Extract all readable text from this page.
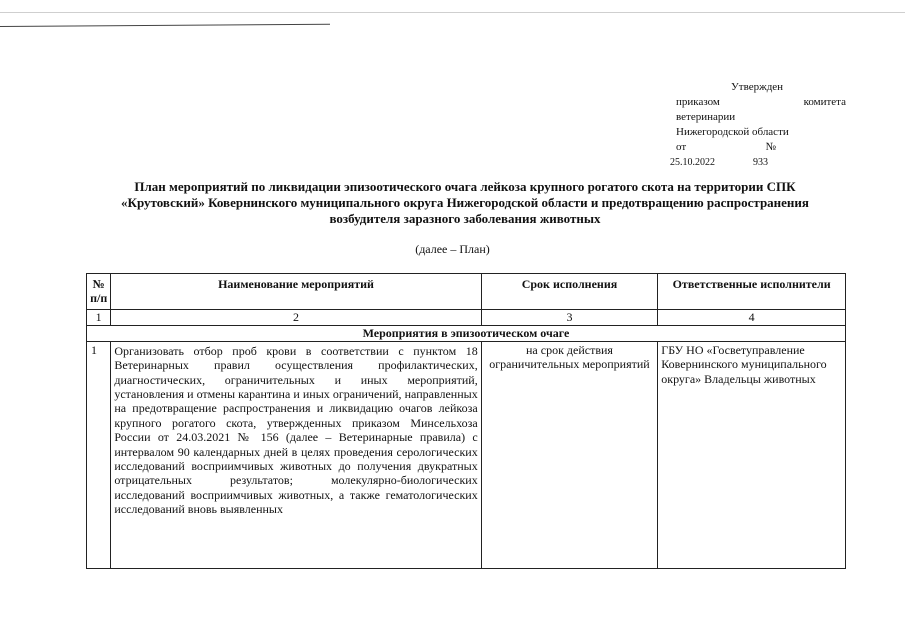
Утвержден
приказом	комитета
ветеринарии
Нижегородской области
от	№
25.10.2022	933
План мероприятий по ликвидации эпизоотического очага лейкоза крупного рогатого скота на территории СПК «Крутовский» Ковернинского муниципального округа Нижегородской области и предотвращению распространения возбудителя заразного заболевания животных
(далее – План)
№ п/п	Наименование мероприятий	Срок исполнения	Ответственные исполнители
1	2	3	4
Мероприятия в эпизоотическом очаге			
1	Организовать отбор проб крови в соответствии с пунктом 18 Ветеринарных правил осуществления профилактических, диагностических, ограничительных и иных мероприятий, установления и отмены карантина и иных ограничений, направленных на предотвращение распространения и ликвидацию очагов лейкоза крупного рогатого скота, утвержденных приказом Минсельхоза России от 24.03.2021 № 156 (далее – Ветеринарные правила) с интервалом 90 календарных дней в целях проведения серологических исследований восприимчивых животных до получения двукратных отрицательных результатов; молекулярно-биологических исследований восприимчивых животных, а также гематологических исследований вновь выявленных	на срок действия ограничительных мероприятий	ГБУ НО «Госветуправление Ковернинского муниципального округа» Владельцы животных
